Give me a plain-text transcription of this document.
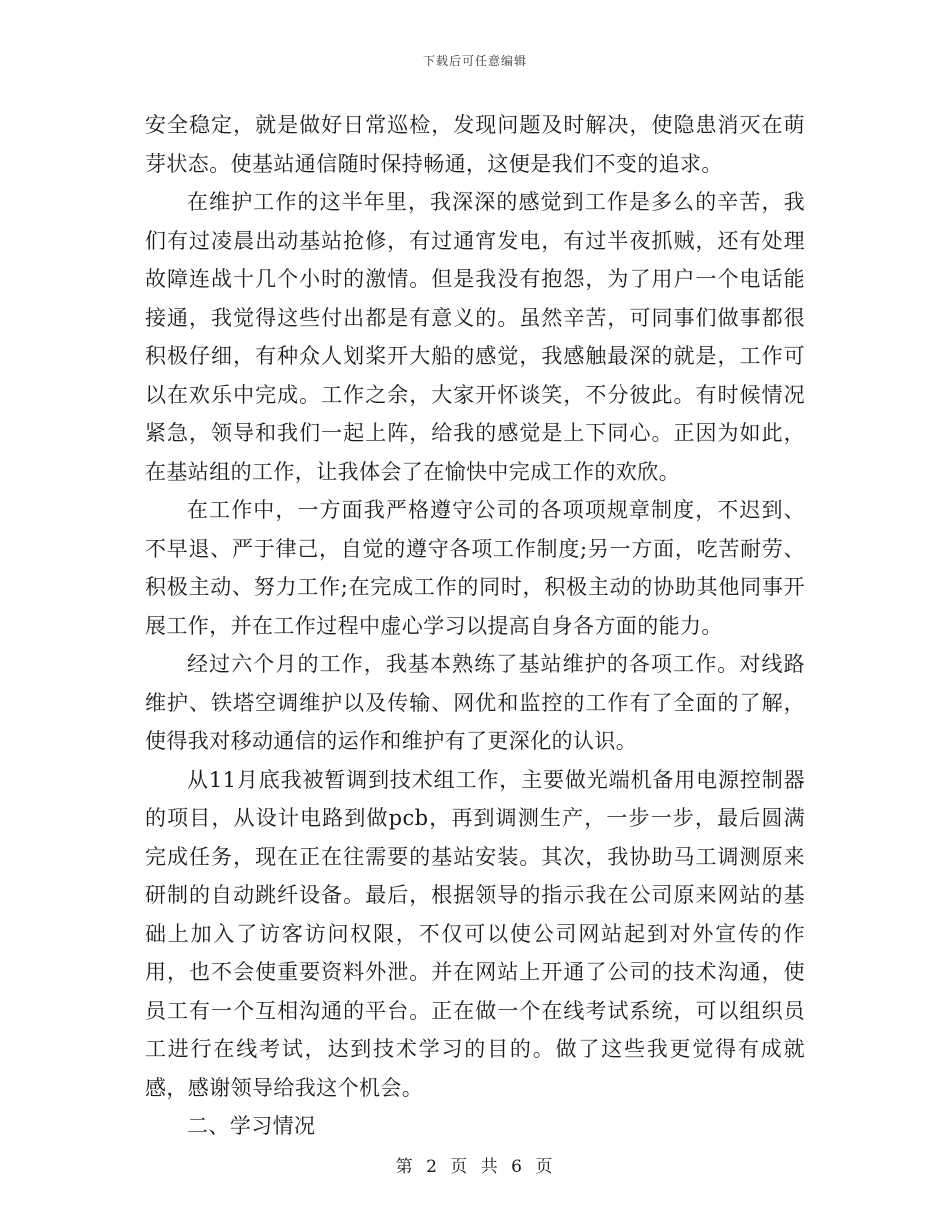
下载后可任意编辑

安全稳定，就是做好日常巡检，发现问题及时解决，使隐患消灭在萌芽状态。使基站通信随时保持畅通，这便是我们不变的追求。

在维护工作的这半年里，我深深的感觉到工作是多么的辛苦，我们有过凌晨出动基站抢修，有过通宵发电，有过半夜抓贼，还有处理故障连战十几个小时的激情。但是我没有抱怨，为了用户一个电话能接通，我觉得这些付出都是有意义的。虽然辛苦，可同事们做事都很积极仔细，有种众人划桨开大船的感觉，我感触最深的就是，工作可以在欢乐中完成。工作之余，大家开怀谈笑，不分彼此。有时候情况紧急，领导和我们一起上阵，给我的感觉是上下同心。正因为如此，在基站组的工作，让我体会了在愉快中完成工作的欢欣。

在工作中，一方面我严格遵守公司的各项项规章制度，不迟到、不早退、严于律己，自觉的遵守各项工作制度;另一方面，吃苦耐劳、积极主动、努力工作;在完成工作的同时，积极主动的协助其他同事开展工作，并在工作过程中虚心学习以提高自身各方面的能力。

经过六个月的工作，我基本熟练了基站维护的各项工作。对线路维护、铁塔空调维护以及传输、网优和监控的工作有了全面的了解，使得我对移动通信的运作和维护有了更深化的认识。

从11月底我被暂调到技术组工作，主要做光端机备用电源控制器的项目，从设计电路到做pcb，再到调测生产，一步一步，最后圆满完成任务，现在正在往需要的基站安装。其次，我协助马工调测原来研制的自动跳纤设备。最后，根据领导的指示我在公司原来网站的基础上加入了访客访问权限，不仅可以使公司网站起到对外宣传的作用，也不会使重要资料外泄。并在网站上开通了公司的技术沟通，使员工有一个互相沟通的平台。正在做一个在线考试系统，可以组织员工进行在线考试，达到技术学习的目的。做了这些我更觉得有成就感，感谢领导给我这个机会。

二、学习情况

第 2 页 共 6 页
